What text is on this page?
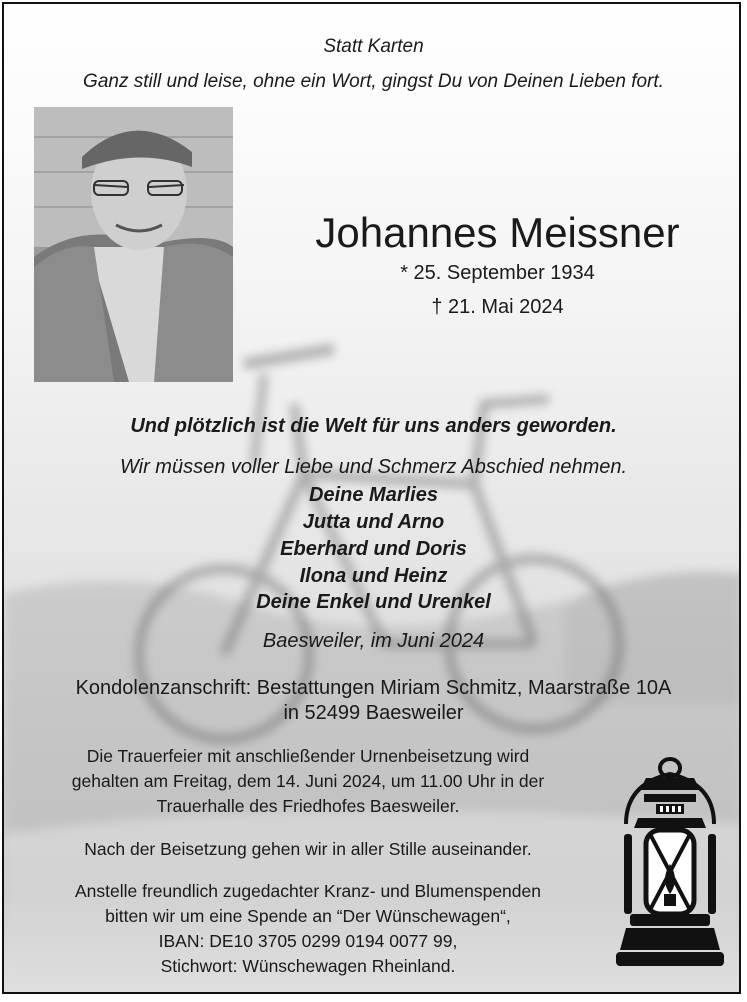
Statt Karten
Ganz still und leise, ohne ein Wort, gingst Du von Deinen Lieben fort.
Johannes Meissner
* 25. September 1934
† 21. Mai 2024
Und plötzlich ist die Welt für uns anders geworden.
Wir müssen voller Liebe und Schmerz Abschied nehmen.
Deine Marlies
Jutta und Arno
Eberhard und Doris
Ilona und Heinz
Deine Enkel und Urenkel
Baesweiler, im Juni 2024
Kondolenzanschrift: Bestattungen Miriam Schmitz, Maarstraße 10A
in 52499 Baesweiler
Die Trauerfeier mit anschließender Urnenbeisetzung wird
gehalten am Freitag, dem 14. Juni 2024, um 11.00 Uhr in der
Trauerhalle des Friedhofes Baesweiler.
Nach der Beisetzung gehen wir in aller Stille auseinander.
Anstelle freundlich zugedachter Kranz- und Blumenspenden
bitten wir um eine Spende an “Der Wünschewagen“,
IBAN: DE10 3705 0299 0194 0077 99,
Stichwort: Wünschewagen Rheinland.
